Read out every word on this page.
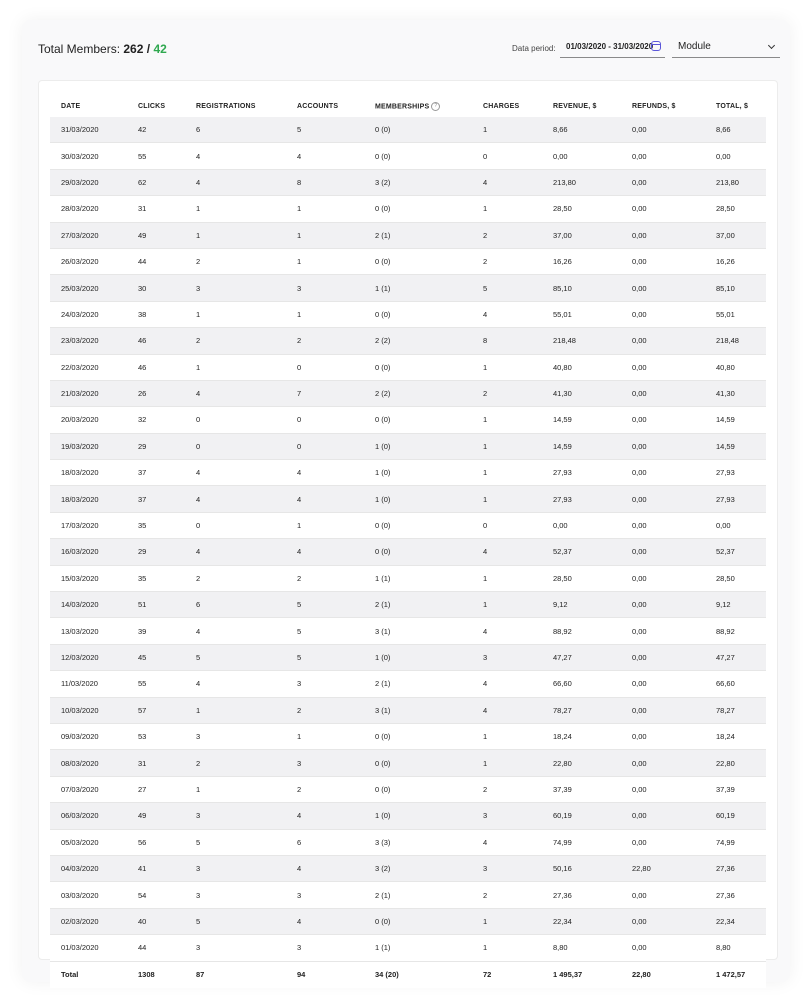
Total Members: 262 / 42	Data period: 01/03/2020 - 31/03/2020 Module
DATE	CLICKS	REGISTRATIONS	ACCOUNTS	MEMBERSHIPS ?	CHARGES	REVENUE, $	REFUNDS, $	TOTAL, $
31/03/2020	42	6	5	0 (0)	1	8,66	0,00	8,66
30/03/2020	55	4	4	0 (0)	0	0,00	0,00	0,00
29/03/2020	62	4	8	3 (2)	4	213,80	0,00	213,80
28/03/2020	31	1	1	0 (0)	1	28,50	0,00	28,50
27/03/2020	49	1	1	2 (1)	2	37,00	0,00	37,00
26/03/2020	44	2	1	0 (0)	2	16,26	0,00	16,26
25/03/2020	30	3	3	1 (1)	5	85,10	0,00	85,10
24/03/2020	38	1	1	0 (0)	4	55,01	0,00	55,01
23/03/2020	46	2	2	2 (2)	8	218,48	0,00	218,48
22/03/2020	46	1	0	0 (0)	1	40,80	0,00	40,80
21/03/2020	26	4	7	2 (2)	2	41,30	0,00	41,30
20/03/2020	32	0	0	0 (0)	1	14,59	0,00	14,59
19/03/2020	29	0	0	1 (0)	1	14,59	0,00	14,59
18/03/2020	37	4	4	1 (0)	1	27,93	0,00	27,93
18/03/2020	37	4	4	1 (0)	1	27,93	0,00	27,93
17/03/2020	35	0	1	0 (0)	0	0,00	0,00	0,00
16/03/2020	29	4	4	0 (0)	4	52,37	0,00	52,37
15/03/2020	35	2	2	1 (1)	1	28,50	0,00	28,50
14/03/2020	51	6	5	2 (1)	1	9,12	0,00	9,12
13/03/2020	39	4	5	3 (1)	4	88,92	0,00	88,92
12/03/2020	45	5	5	1 (0)	3	47,27	0,00	47,27
11/03/2020	55	4	3	2 (1)	4	66,60	0,00	66,60
10/03/2020	57	1	2	3 (1)	4	78,27	0,00	78,27
09/03/2020	53	3	1	0 (0)	1	18,24	0,00	18,24
08/03/2020	31	2	3	0 (0)	1	22,80	0,00	22,80
07/03/2020	27	1	2	0 (0)	2	37,39	0,00	37,39
06/03/2020	49	3	4	1 (0)	3	60,19	0,00	60,19
05/03/2020	56	5	6	3 (3)	4	74,99	0,00	74,99
04/03/2020	41	3	4	3 (2)	3	50,16	22,80	27,36
03/03/2020	54	3	3	2 (1)	2	27,36	0,00	27,36
02/03/2020	40	5	4	0 (0)	1	22,34	0,00	22,34
01/03/2020	44	3	3	1 (1)	1	8,80	0,00	8,80
Total	1308	87	94	34 (20)	72	1 495,37	22,80	1 472,57
